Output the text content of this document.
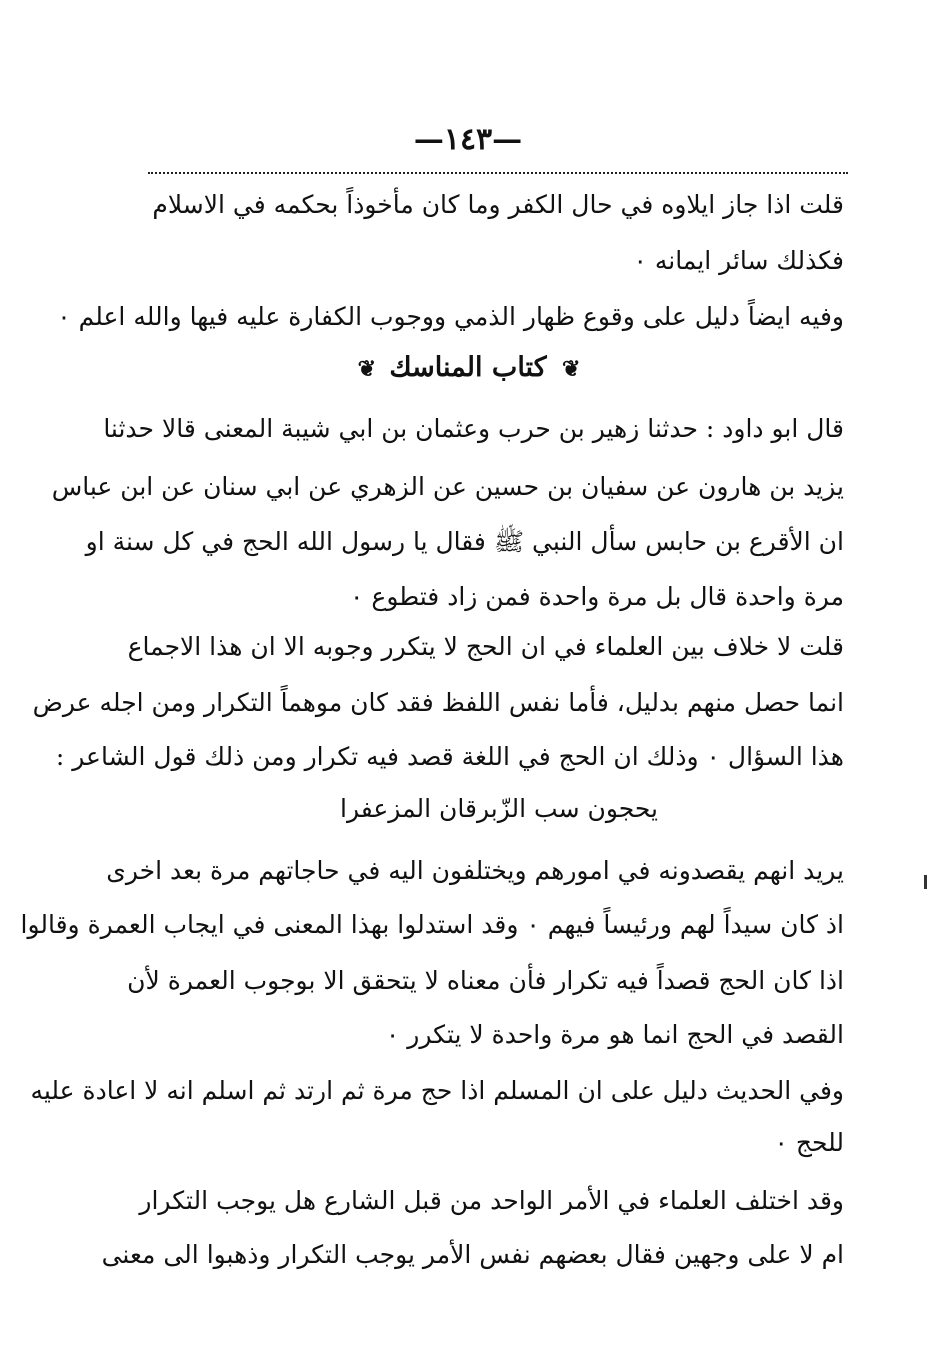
—١٤٣—
قلت اذا جاز ايلاوه في حال الكفر وما كان مأخوذاً بحكمه في الاسلام
فكذلك سائر ايمانه ٠
وفيه ايضاً دليل على وقوع ظهار الذمي ووجوب الكفارة عليه فيها والله اعلم ٠
❦ كتاب المناسك ❦
قال ابو داود : حدثنا زهير بن حرب وعثمان بن ابي شيبة المعنى قالا حدثنا
يزيد بن هارون عن سفيان بن حسين عن الزهري عن ابي سنان عن ابن عباس
ان الأقرع بن حابس سأل النبي ﷺ فقال يا رسول الله الحج في كل سنة او
مرة واحدة قال بل مرة واحدة فمن زاد فتطوع ٠
قلت لا خلاف بين العلماء في ان الحج لا يتكرر وجوبه الا ان هذا الاجماع
انما حصل منهم بدليل، فأما نفس اللفظ فقد كان موهماً التكرار ومن اجله عرض
هذا السؤال ٠ وذلك ان الحج في اللغة قصد فيه تكرار ومن ذلك قول الشاعر :
يحجون سب الزّبرقان المزعفرا
يريد انهم يقصدونه في امورهم ويختلفون اليه في حاجاتهم مرة بعد اخرى
اذ كان سيداً لهم ورئيساً فيهم ٠ وقد استدلوا بهذا المعنى في ايجاب العمرة وقالوا
اذا كان الحج قصداً فيه تكرار فأن معناه لا يتحقق الا بوجوب العمرة لأن
القصد في الحج انما هو مرة واحدة لا يتكرر ٠
وفي الحديث دليل على ان المسلم اذا حج مرة ثم ارتد ثم اسلم انه لا اعادة عليه
للحج ٠
وقد اختلف العلماء في الأمر الواحد من قبل الشارع هل يوجب التكرار
ام لا على وجهين فقال بعضهم نفس الأمر يوجب التكرار وذهبوا الى معنى
